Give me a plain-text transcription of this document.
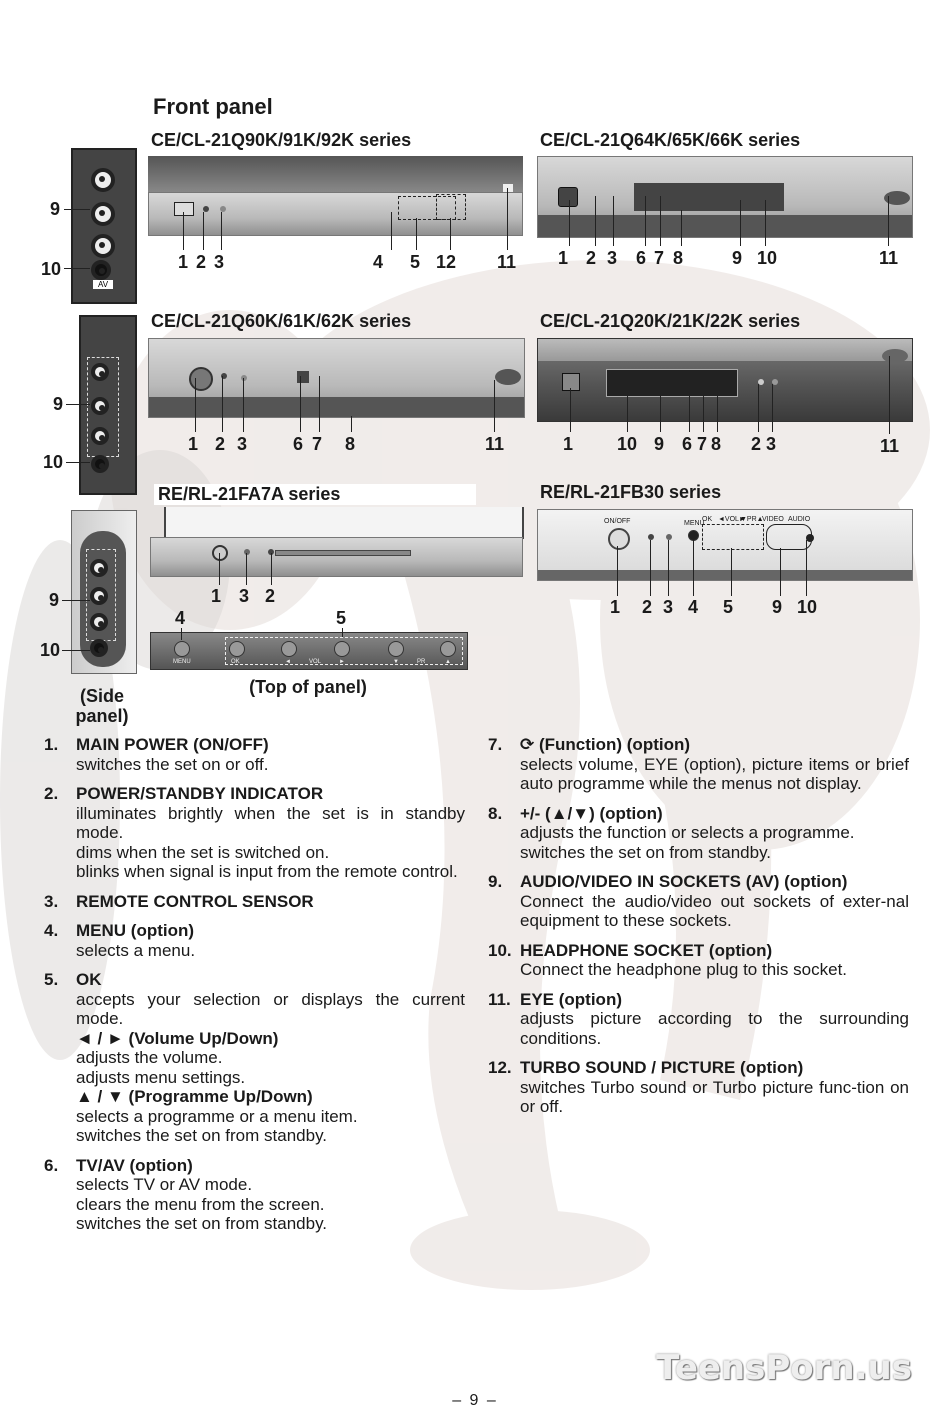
Front panel
CE/CL-21Q90K/91K/92K series	CE/CL-21Q64K/65K/66K series
CE/CL-21Q60K/61K/62K series	CE/CL-21Q20K/21K/22K series
RE/RL-21FA7A series	RE/RL-21FB30 series
AV
9
10	1 2 3	4 5 12 11 1 2 3 6 7 8	9 10	11
9
10
1 2 3	6 7 8	11	1 10 9 6 7 8 2 3	11
9
10
(Side
panel)
1 3 2
MENU	OK	◄	VOL	►	▼	PR	▲
4	5
(Top of panel)
ON/OFF	MENU
OK ◄VOL►
▼PR▲
VIDEO AUDIO
1 2 3 4 5 9 10
1. MAIN POWER (ON/OFF)
switches the set on or off.
2. POWER/STANDBY INDICATOR
illuminates brightly when the set is in standby mode.
dims when the set is switched on.
blinks when signal is input from the remote control.
3. REMOTE CONTROL SENSOR
4. MENU (option)
selects a menu.
5. OK
accepts your selection or displays the current mode.
◄ / ► (Volume Up/Down)
adjusts the volume.
adjusts menu settings.
▲ / ▼ (Programme Up/Down)
selects a programme or a menu item.
switches the set on from standby.
6. TV/AV (option)
selects TV or AV mode.
clears the menu from the screen.
switches the set on from standby.
7. ⟳ (Function) (option)
selects volume, EYE (option), picture items or brief auto programme while the menus not display.
8. +/- (▲/▼) (option)
adjusts the function or selects a programme.
switches the set on from standby.
9. AUDIO/VIDEO IN SOCKETS (AV) (option)
Connect the audio/video out sockets of exter-nal equipment to these sockets.
10. HEADPHONE SOCKET (option)
Connect the headphone plug to this socket.
11. EYE (option)
adjusts picture according to the surrounding conditions.
12. TURBO SOUND / PICTURE (option)
switches Turbo sound or Turbo picture func-tion on or off.
TeensPorn.us
– 9 –
